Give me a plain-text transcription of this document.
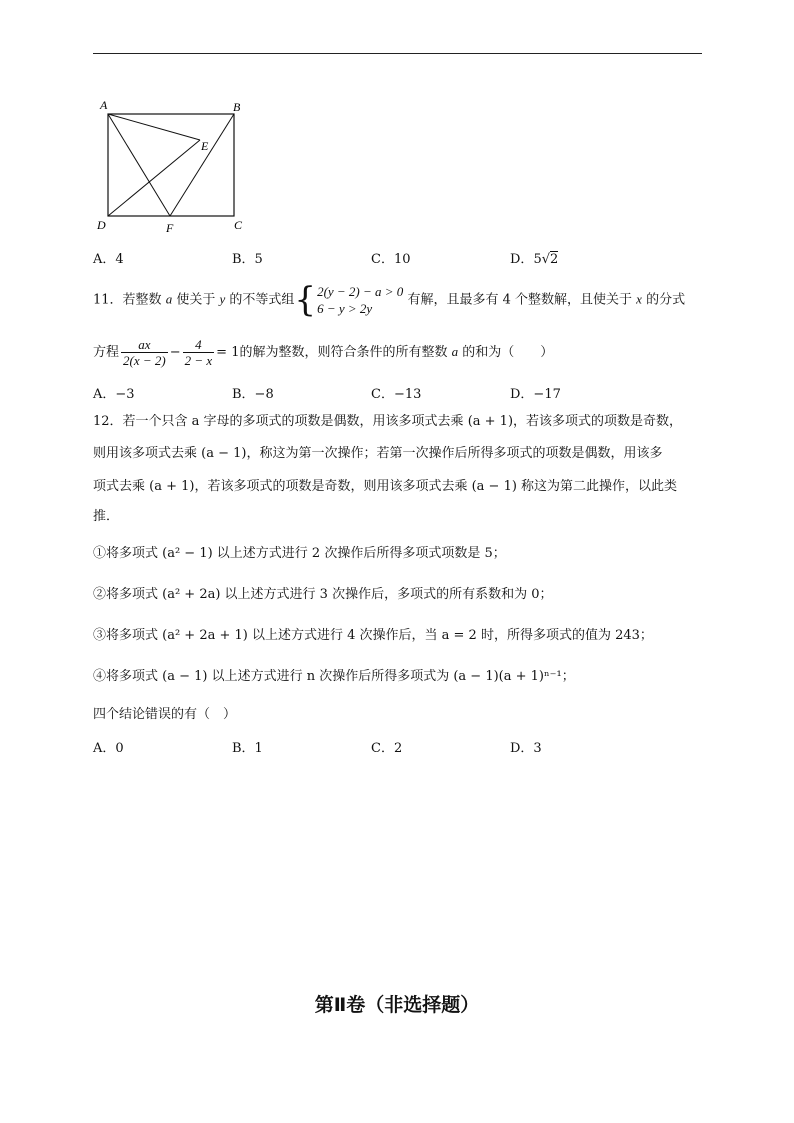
A	B
C
D
E
F
A．4	B．5	C．10	D．5√2
11．若整数 a 使关于 y 的不等式组{ 2(y − 2) − a > 0
6 − y > 2y
有解，且最多有 4 个整数解，且使关于 x 的分式
方程 $\frac{ax}{2(x - 2)} - \frac{4}{2 - x} = 1$的解为整数，则符合条件的所有整数 a 的和为（　　）
A．−3	B．−8	C．−13	D．−17
12．若一个只含 a 字母的多项式的项数是偶数，用该多项式去乘 (a + 1)，若该多项式的项数是奇数，
则用该多项式去乘 (a − 1)，称这为第一次操作；若第一次操作后所得多项式的项数是偶数，用该多
项式去乘 (a + 1)，若该多项式的项数是奇数，则用该多项式去乘 (a − 1) 称这为第二此操作，以此类
推．
①将多项式 (a² − 1) 以上述方式进行 2 次操作后所得多项式项数是 5；
②将多项式 (a² + 2a) 以上述方式进行 3 次操作后，多项式的所有系数和为 0；
③将多项式 (a² + 2a + 1) 以上述方式进行 4 次操作后，当 a = 2 时，所得多项式的值为 243；
④将多项式 (a − 1) 以上述方式进行 n 次操作后所得多项式为 (a − 1)(a + 1)ⁿ⁻¹；
四个结论错误的有（　）
A．0	B．1	C．2	D．3
第Ⅱ卷（非选择题）
